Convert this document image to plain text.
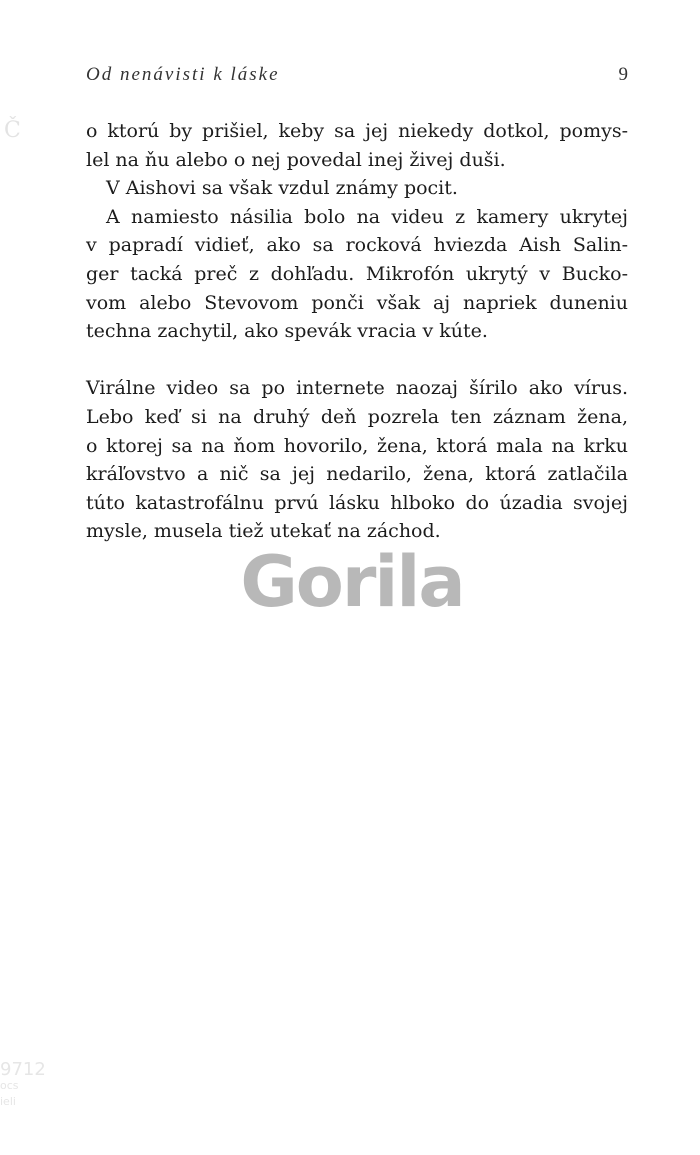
Od nenávisti k láske	9
o ktorú by prišiel, keby sa jej niekedy dotkol, pomys-
lel na ňu alebo o nej povedal inej živej duši.
V Aishovi sa však vzdul známy pocit.
A namiesto násilia bolo na videu z kamery ukrytej
v papradí vidieť, ako sa rocková hviezda Aish Salin-
ger tacká preč z dohľadu. Mikrofón ukrytý v Bucko-
vom alebo Stevovom ponči však aj napriek duneniu
techna zachytil, ako spevák vracia v kúte.
Virálne video sa po internete naozaj šírilo ako vírus.
Lebo keď si na druhý deň pozrela ten záznam žena,
o ktorej sa na ňom hovorilo, žena, ktorá mala na krku
kráľovstvo a nič sa jej nedarilo, žena, ktorá zatlačila
túto katastrofálnu prvú lásku hlboko do úzadia svojej
mysle, musela tiež utekať na záchod.
Gorila
Č
9712
ocs
ieli
